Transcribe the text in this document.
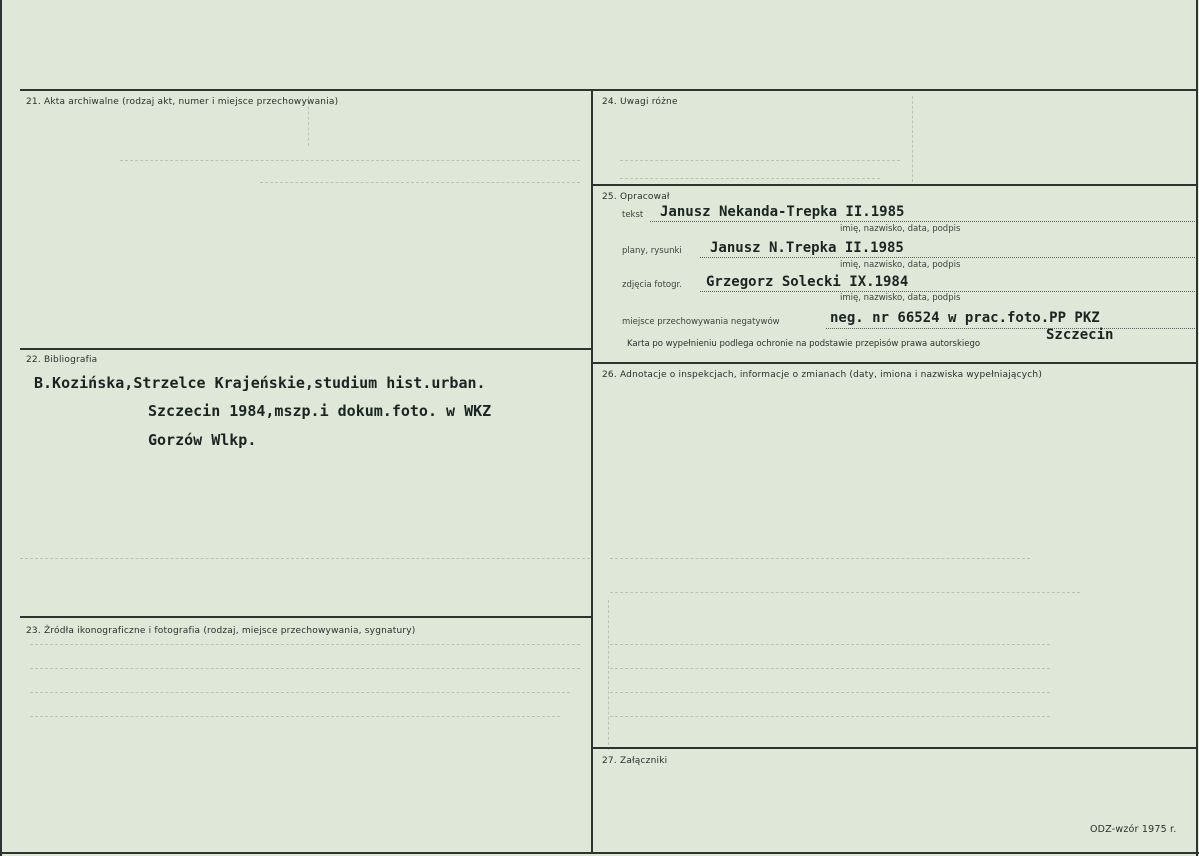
21. Akta archiwalne (rodzaj akt, numer i miejsce przechowywania)
22. Bibliografia
B.Kozińska,Strzelce Krajeńskie,studium hist.urban.
Szczecin 1984,mszp.i dokum.foto. w WKZ
Gorzów Wlkp.
23. Źródła ikonograficzne i fotografia (rodzaj, miejsce przechowywania, sygnatury)
24. Uwagi różne
25. Opracował
tekst Janusz Nekanda-Trepka II.1985
imię, nazwisko, data, podpis
plany, rysunki Janusz N.Trepka II.1985
imię, nazwisko, data, podpis
zdjęcia fotogr. Grzegorz Solecki IX.1984
imię, nazwisko, data, podpis
miejsce przechowywania negatywów	neg. nr 66524 w prac.foto.PP PKZ
Szczecin
Karta po wypełnieniu podlega ochronie na podstawie przepisów prawa autorskiego
26. Adnotacje o inspekcjach, informacje o zmianach (daty, imiona i nazwiska wypełniających)
27. Załączniki
ODZ-wzór 1975 r.
